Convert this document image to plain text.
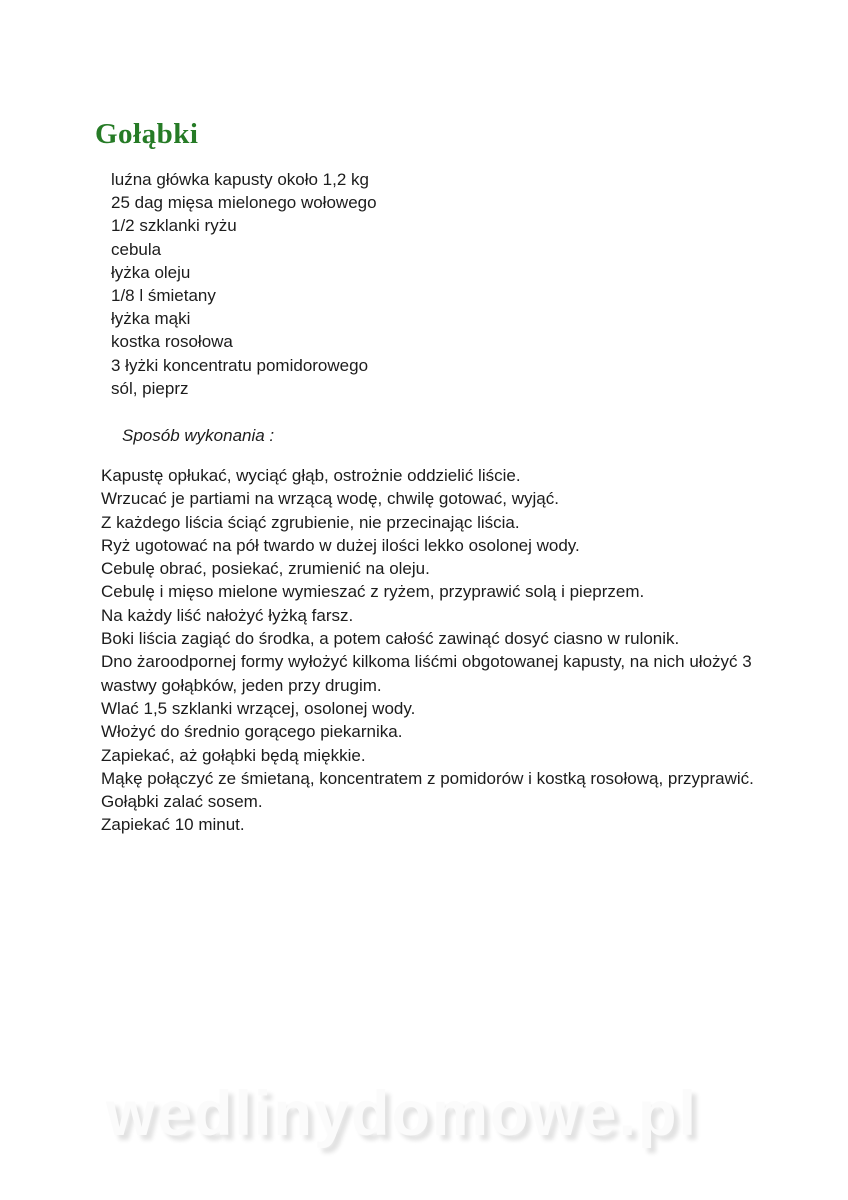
Gołąbki
luźna główka kapusty około 1,2 kg
25 dag mięsa mielonego wołowego
1/2 szklanki ryżu
cebula
łyżka oleju
1/8 l śmietany
łyżka mąki
kostka rosołowa
3 łyżki koncentratu pomidorowego
sól, pieprz
Sposób wykonania :
Kapustę opłukać, wyciąć głąb, ostrożnie oddzielić liście.
Wrzucać je partiami na wrzącą wodę, chwilę gotować, wyjąć.
Z każdego liścia ściąć zgrubienie, nie przecinając liścia.
Ryż ugotować na pół twardo w dużej ilości lekko osolonej wody.
Cebulę obrać, posiekać, zrumienić na oleju.
Cebulę i mięso mielone wymieszać z ryżem, przyprawić solą i pieprzem.
Na każdy liść nałożyć łyżką farsz.
Boki liścia zagiąć do środka, a potem całość zawinąć dosyć ciasno w rulonik.
Dno żaroodpornej formy wyłożyć kilkoma liśćmi obgotowanej kapusty, na nich ułożyć 3
wastwy gołąbków, jeden przy drugim.
Wlać 1,5 szklanki wrzącej, osolonej wody.
Włożyć do średnio gorącego piekarnika.
Zapiekać, aż gołąbki będą miękkie.
Mąkę połączyć ze śmietaną, koncentratem z pomidorów i kostką rosołową, przyprawić.
Gołąbki zalać sosem.
Zapiekać 10 minut.
wedlinydomowe.pl
